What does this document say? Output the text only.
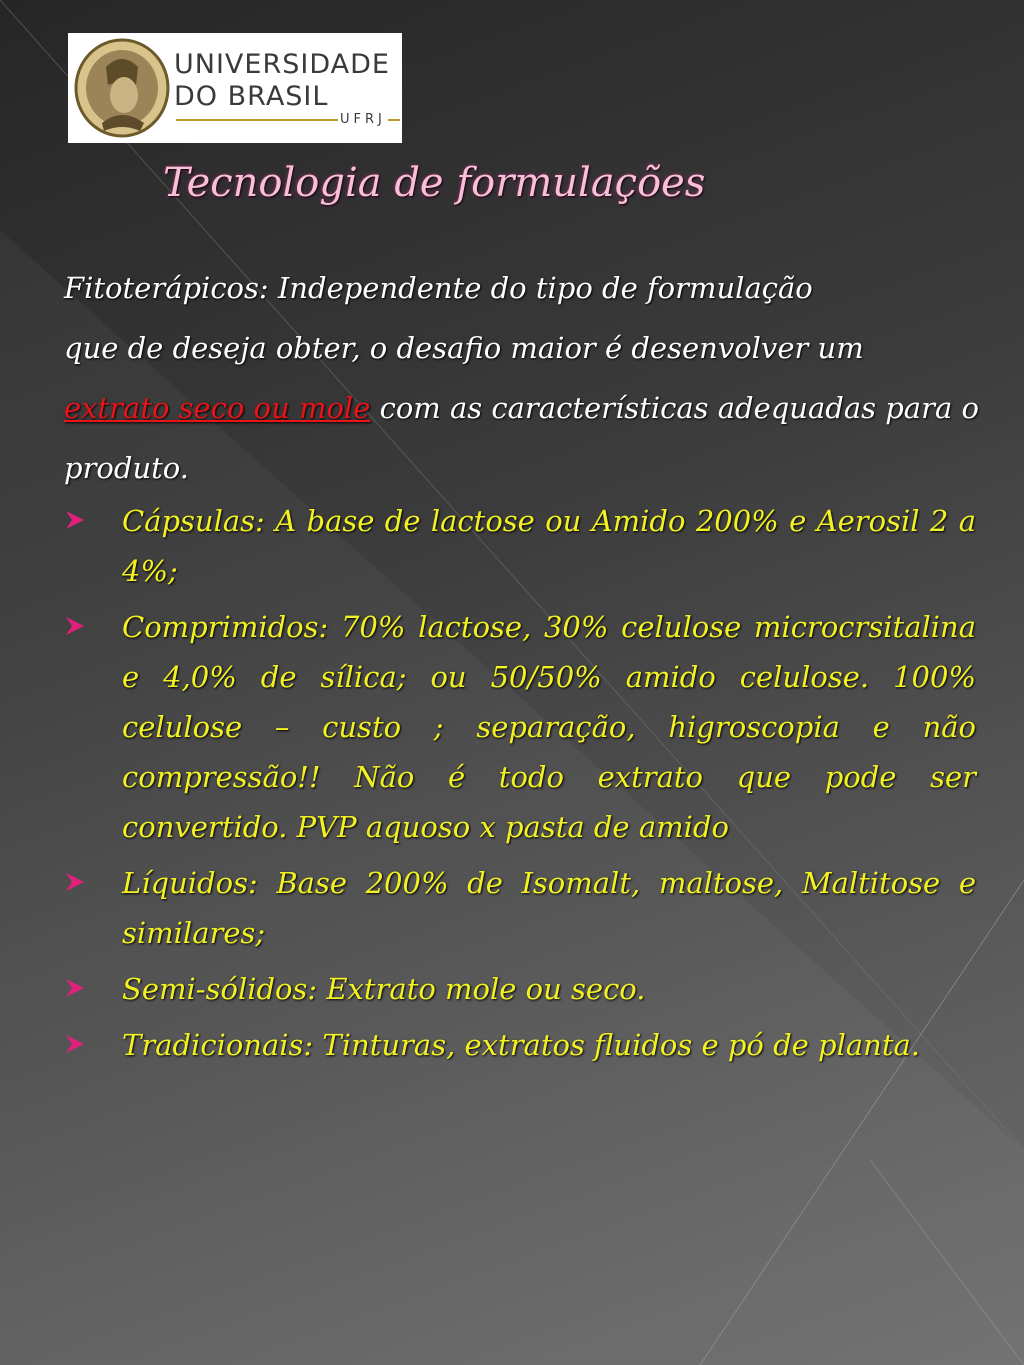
UNIVERSIDADE
DO BRASIL
UFRJ
Tecnologia de formulações
Fitoterápicos: Independente do tipo de formulação
que de deseja obter, o desafio maior é desenvolver um
extrato seco ou mole com as características adequadas para o
produto.
Cápsulas: A base de lactose ou Amido 200% e Aerosil 2 a 4%;
Comprimidos: 70% lactose, 30% celulose microcrsitalina e 4,0% de sílica; ou 50/50% amido celulose. 100% celulose – custo ; separação, higroscopia e não compressão!! Não é todo extrato que pode ser convertido. PVP aquoso x pasta de amido
Líquidos: Base 200% de Isomalt, maltose, Maltitose e similares;
Semi-sólidos: Extrato mole ou seco.
Tradicionais: Tinturas, extratos fluidos e pó de planta.
